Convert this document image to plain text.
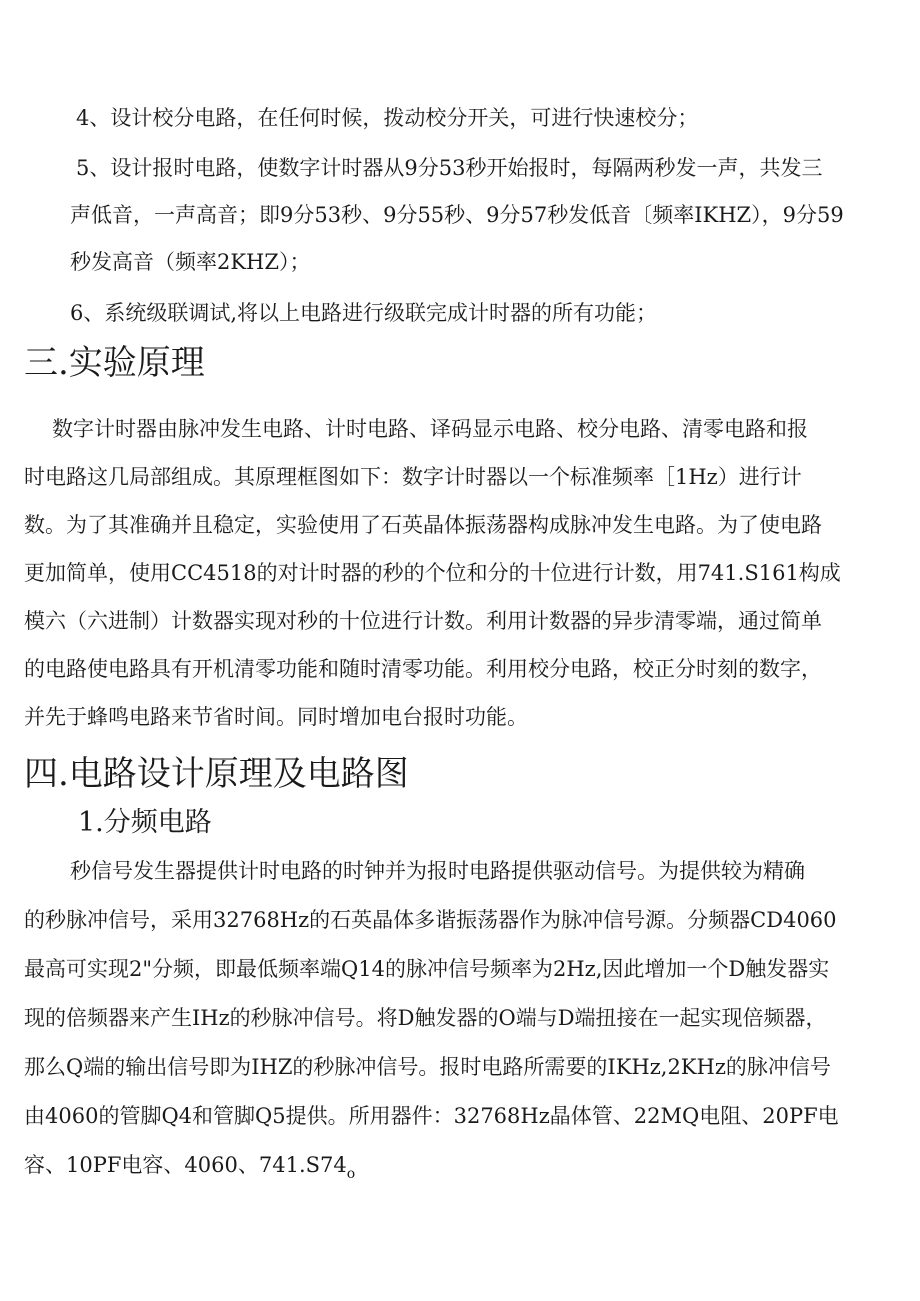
4、设计校分电路，在任何时候，拨动校分开关，可进行快速校分；
5、设计报时电路，使数字计时器从9分53秒开始报时，每隔两秒发一声，共发三
声低音，一声高音；即9分53秒、9分55秒、9分57秒发低音〔频率IKHZ），9分59
秒发高音（频率2KHZ）；
6、系统级联调试,将以上电路进行级联完成计时器的所有功能；
三.实验原理
数字计时器由脉冲发生电路、计时电路、译码显示电路、校分电路、清零电路和报
时电路这几局部组成。其原理框图如下：数字计时器以一个标准频率［1Hz）进行计
数。为了其准确并且稳定，实验使用了石英晶体振荡器构成脉冲发生电路。为了使电路
更加简单，使用CC4518的对计时器的秒的个位和分的十位进行计数，用741.S161构成
模六（六进制）计数器实现对秒的十位进行计数。利用计数器的异步清零端，通过简单
的电路使电路具有开机清零功能和随时清零功能。利用校分电路，校正分时刻的数字，
并先于蜂鸣电路来节省时间。同时增加电台报时功能。
四.电路设计原理及电路图
1.分频电路
秒信号发生器提供计时电路的时钟并为报时电路提供驱动信号。为提供较为精确
的秒脉冲信号，采用32768Hz的石英晶体多谐振荡器作为脉冲信号源。分频器CD4060
最高可实现2"分频，即最低频率端Q14的脉冲信号频率为2Hz,因此增加一个D触发器实
现的倍频器来产生IHz的秒脉冲信号。将D触发器的O端与D端扭接在一起实现倍频器，
那么Q端的输出信号即为IHZ的秒脉冲信号。报时电路所需要的IKHz,2KHz的脉冲信号
由4060的管脚Q4和管脚Q5提供。所用器件：32768Hz晶体管、22MQ电阻、20PF电
容、10PF电容、4060、$741.S74_o$
